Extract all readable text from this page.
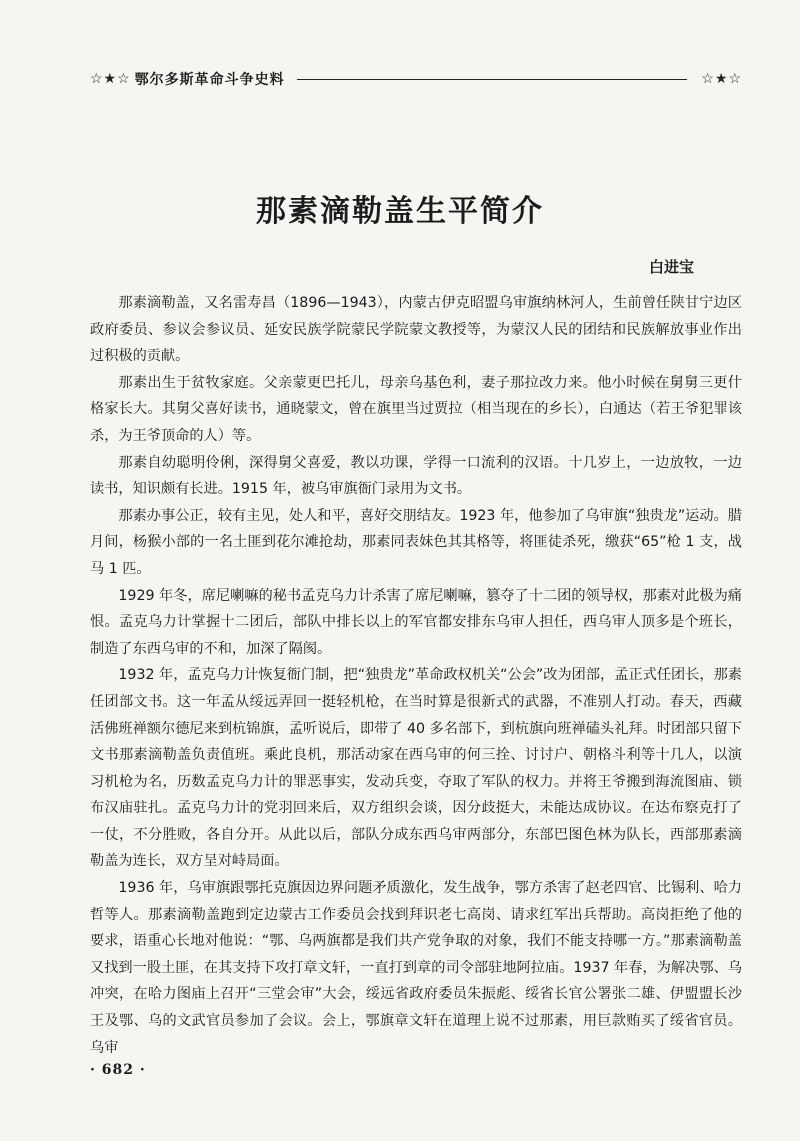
☆★☆ 鄂尔多斯革命斗争史料	☆★☆
那素滴勒盖生平简介
白进宝

那素滴勒盖，又名雷寿昌（1896—1943），内蒙古伊克昭盟乌审旗纳林河人，生前曾任陕甘宁边区政府委员、参议会参议员、延安民族学院蒙民学院蒙文教授等，为蒙汉人民的团结和民族解放事业作出过积极的贡献。

那素出生于贫牧家庭。父亲蒙更巴托儿，母亲乌基色利，妻子那拉改力来。他小时候在舅舅三更什格家长大。其舅父喜好读书，通晓蒙文，曾在旗里当过贾拉（相当现在的乡长），白通达（若王爷犯罪该杀，为王爷顶命的人）等。

那素自幼聪明伶俐，深得舅父喜爱，教以功课，学得一口流利的汉语。十几岁上，一边放牧，一边读书，知识颇有长进。1915 年，被乌审旗衙门录用为文书。

那素办事公正，较有主见，处人和平，喜好交朋结友。1923 年，他参加了乌审旗“独贵龙”运动。腊月间，杨猴小部的一名土匪到花尔滩抢劫，那素同表妹色其其格等，将匪徒杀死，缴获“65”枪 1 支，战马 1 匹。

1929 年冬，席尼喇嘛的秘书孟克乌力计杀害了席尼喇嘛，篡夺了十二团的领导权，那素对此极为痛恨。孟克乌力计掌握十二团后，部队中排长以上的军官都安排东乌审人担任，西乌审人顶多是个班长，制造了东西乌审的不和，加深了隔阂。

1932 年，孟克乌力计恢复衙门制，把“独贵龙”革命政权机关“公会”改为团部，孟正式任团长，那素任团部文书。这一年孟从绥远弄回一挺轻机枪，在当时算是很新式的武器，不准别人打动。春天，西藏活佛班禅额尔德尼来到杭锦旗，孟听说后，即带了 40 多名部下，到杭旗向班禅磕头礼拜。时团部只留下文书那素滴勒盖负责值班。乘此良机，那活动家在西乌审的何三拴、讨讨户、朝格斗利等十几人，以演习机枪为名，历数孟克乌力计的罪恶事实，发动兵变，夺取了军队的权力。并将王爷搬到海流图庙、锁布汉庙驻扎。孟克乌力计的党羽回来后，双方组织会谈，因分歧挺大，未能达成协议。在达布察克打了一仗，不分胜败，各自分开。从此以后，部队分成东西乌审两部分，东部巴图色林为队长，西部那素滴勒盖为连长，双方呈对峙局面。

1936 年，乌审旗跟鄂托克旗因边界问题矛质激化，发生战争，鄂方杀害了赵老四官、比锡利、哈力哲等人。那素滴勒盖跑到定边蒙古工作委员会找到拜识老七高岗、请求红军出兵帮助。高岗拒绝了他的要求，语重心长地对他说：“鄂、乌两旗都是我们共产党争取的对象，我们不能支持哪一方。”那素滴勒盖又找到一股土匪，在其支持下攻打章文轩，一直打到章的司令部驻地阿拉庙。1937 年春，为解决鄂、乌冲突，在哈力图庙上召开“三堂会审”大会，绥远省政府委员朱振彪、绥省长官公署张二雄、伊盟盟长沙王及鄂、乌的文武官员参加了会议。会上，鄂旗章文轩在道理上说不过那素，用巨款贿买了绥省官员。乌审

· 682 ·
